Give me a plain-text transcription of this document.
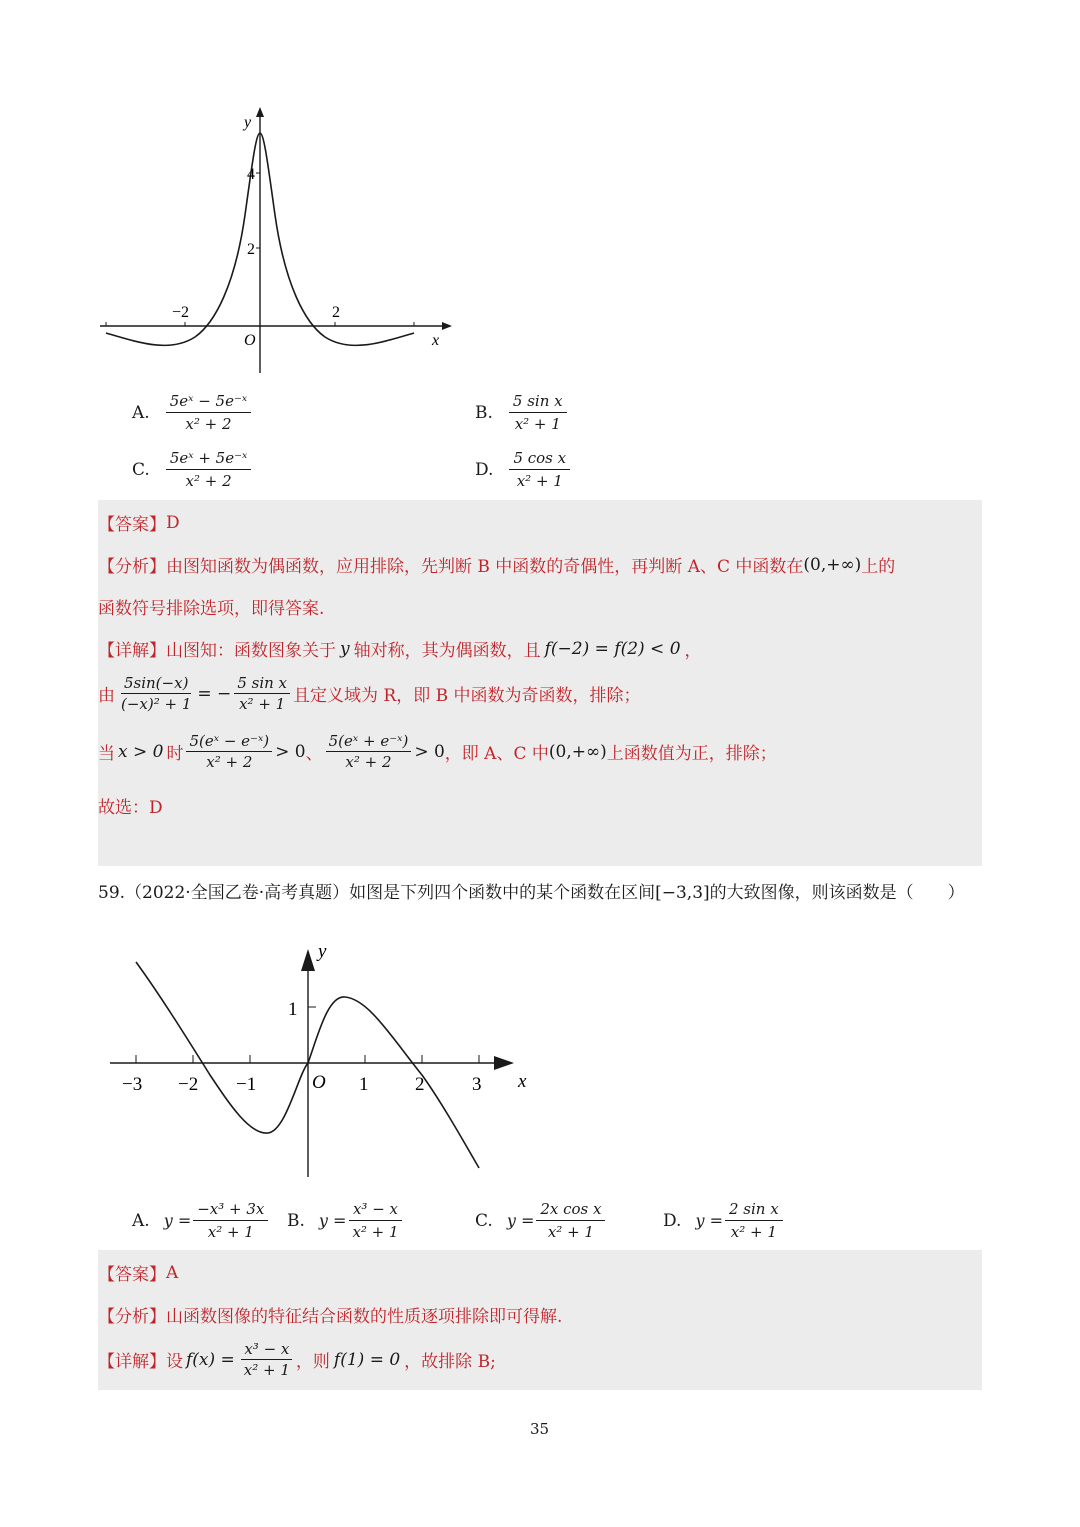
y
x
O
4
2
−2	2
A. $\frac{\text{5eˣ − 5e⁻ˣ}}{\text{x² + 2}}$	B. $\frac{\text{5 sin x}}{\text{x² + 1}}$
C. $\frac{\text{5eˣ + 5e⁻ˣ}}{\text{x² + 2}}$	D. $\frac{\text{5 cos x}}{\text{x² + 1}}$
【答案】 D
【分析】 由图知函数为偶函数，应用排除，先判断 B 中函数的奇偶性，再判断 A、C 中函数在 (0,+∞) 上的
函数符号排除选项，即得答案.
【详解】 山图知：函数图象关于 y 轴对称，其为偶函数，且 f(−2) = f(2) < 0 ，
由 $\frac{5\sin(-x)}{\text{(−x)² + 1}}$ = − $\frac{\text{5 sin x}}{\text{x² + 1}}$ 且定义域为 R，即 B 中函数为奇函数，排除；
当 x > 0 时
5(eˣ − e⁻ˣ)
x² + 2
> 0 、
5(eˣ + e⁻ˣ)
x² + 2
> 0 ，即 A、C 中 (0,+∞) 上函数值为正，排除；
故选：D
59.（2022·全国乙卷·高考真题）如图是下列四个函数中的某个函数在区间[−3,3]的大致图像，则该函数是（　　）
y
x
O
1
−3 −2 −1	1 2	3
A. $y = \frac{\text{−x³ + 3x}}{\text{x² + 1}} B$. $y = \frac{\text{x³ − x}}{\text{x² + 1}}$	C. $y = \frac{\text{2x cos x}}{\text{x² + 1}}$	D. $y = \frac{\text{2 sin x}}{\text{x² + 1}}$
【答案】 A
【分析】 山函数图像的特征结合函数的性质逐项排除即可得解.
【详解】 设 $f(x) = \frac{\text{x³ − x}}{\text{x² + 1}}$ ，则 f(1) = 0 ，故排除 B;
35
